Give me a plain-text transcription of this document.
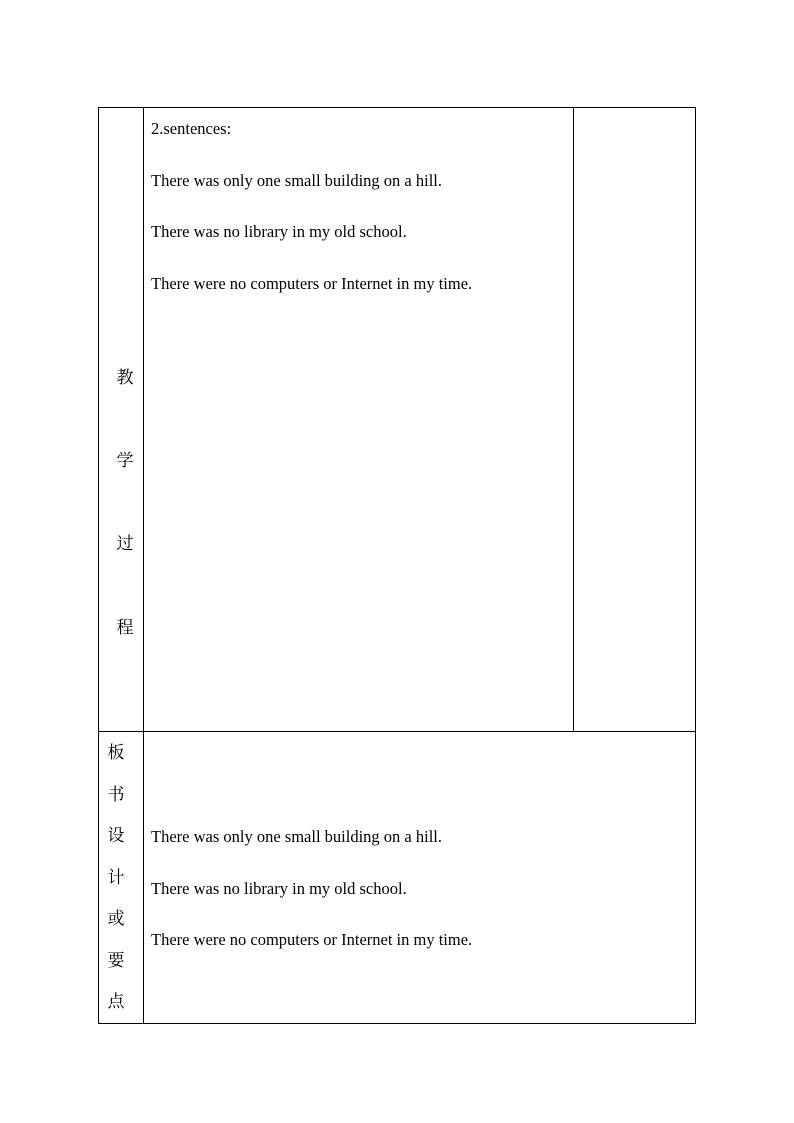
教
学
过
程
2.sentences:
There was only one small building on a hill.
There was no library in my old school.
There were no computers or Internet in my time.
板
书
设
计
或
要
点
There was only one small building on a hill.
There was no library in my old school.
There were no computers or Internet in my time.
